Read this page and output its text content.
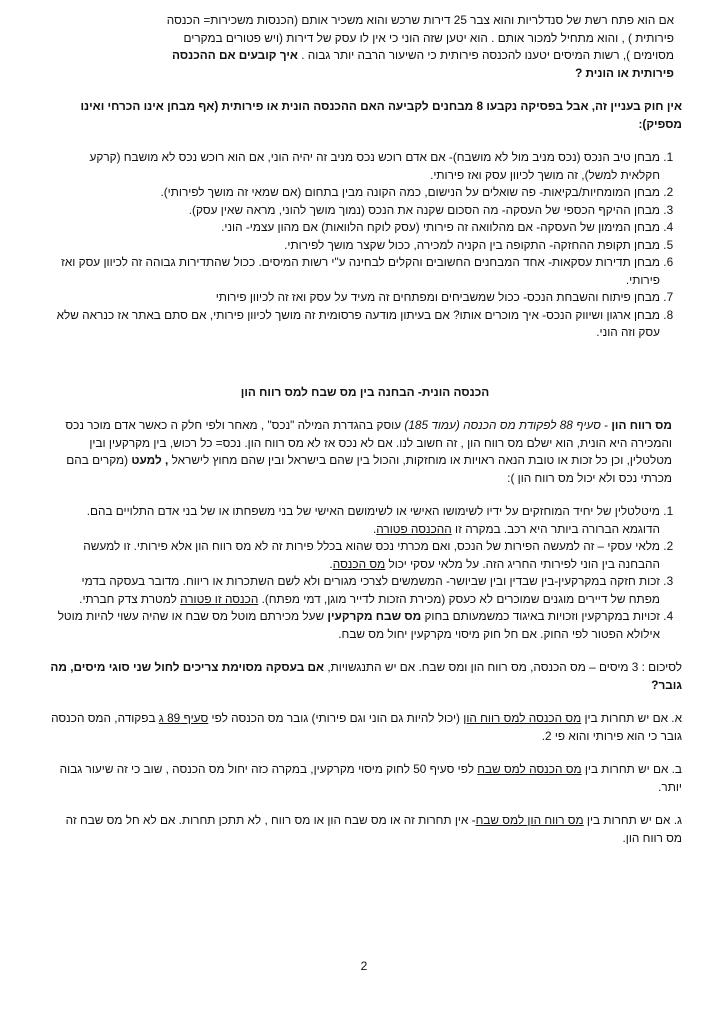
אם הוא פתח רשת של סנדלריות והוא צבר 25 דירות שרכש והוא משכיר אותם (הכנסות משכירות= הכנסה

פירותית ) , והוא מתחיל למכור אותם . הוא יטען שזה הוני כי אין לו עסק של דירות (ויש פטורים במקרים

מסוימים ), רשות המיסים יטענו להכנסה פירותית כי השיעור הרבה יותר גבוה . איך קובעים אם ההכנסה

פירותית או הונית ?

אין חוק בעניין זה, אבל בפסיקה נקבעו 8 מבחנים לקביעה האם ההכנסה הונית או פירותית (אף מבחן אינו הכרחי ואינו מספיק):

1. מבחן טיב הנכס (נכס מניב מול לא מושבח)- אם אדם רוכש נכס מניב זה יהיה הוני, אם הוא רוכש נכס לא מושבח (קרקע חקלאית למשל), זה מושך לכיוון עסק ואז פירותי.
2. מבחן המומחיות/בקיאות- פה שואלים על הנישום, כמה הקונה מבין בתחום (אם שמאי זה מושך לפירותי).
3. מבחן ההיקף הכספי של העסקה- מה הסכום שקנה את הנכס (נמוך מושך להוני, מראה שאין עסק).
4. מבחן המימון של העסקה- אם מהלוואה זה פירותי (עסק לוקח הלוואות) אם מהון עצמי- הוני.
5. מבחן תקופת ההחזקה- התקופה בין הקניה למכירה, ככול שקצר מושך לפירותי.
6. מבחן תדירות עסקאות- אחד המבחנים החשובים והקלים לבחינה ע"י רשות המיסים. ככול שהתדירות גבוהה זה לכיוון עסק ואז פירותי.
7. מבחן פיתוח והשבחת הנכס- ככול שמשביחים ומפתחים זה מעיד על עסק ואז זה לכיוון פירותי
8. מבחן ארגון ושיווק הנכס- איך מוכרים אותו? אם בעיתון מודעה פרסומית זה מושך לכיוון פירותי, אם סתם באתר אז כנראה שלא עסק וזה הוני.

הכנסה הונית- הבחנה בין מס שבח למס רווח הון

מס רווח הון - סעיף 88 לפקודת מס הכנסה (עמוד 185) עוסק בהגדרת המילה "נכס" , מאחר ולפי חלק ה כאשר אדם מוכר נכס והמכירה היא הונית, הוא ישלם מס רווח הון , זה חשוב לנו. אם לא נכס אז לא מס רווח הון. נכס= כל רכוש, בין מקרקעין ובין מטלטלין, וכן כל זכות או טובת הנאה ראויות או מוחזקות, והכול בין שהם בישראל ובין שהם מחוץ לישראל , למעט (מקרים בהם מכרתי נכס ולא יכול מס רווח הון ):

1. מיטלטלין של יחיד המוחזקים על ידיו לשימושו האישי או לשימושם האישי של בני משפחתו או של בני אדם התלויים בהם. הדוגמא הברורה ביותר היא רכב. במקרה זו ההכנסה פטורה.
2. מלאי עסקי – זה למעשה הפירות של הנכס, ואם מכרתי נכס שהוא בכלל פירות זה לא מס רווח הון אלא פירותי. זו למעשה ההבחנה בין הוני לפירותי החריג הזה. על מלאי עסקי יכול מס הכנסה.
3. זכות חזקה במקרקעין-בין שבדין ובין שביושר- המשמשים לצרכי מגורים ולא לשם השתכרות או ריווח. מדובר בעסקה בדמי מפתח של דיירים מוגנים שמוכרים לא כעסק (מכירת הזכות לדייר מוגן, דמי מפתח). הכנסה זו פטורה למטרת צדק חברתי.
4. זכויות במקרקעין וזכויות באיגוד כמשמעותם בחוק מס שבח מקרקעין שעל מכירתם מוטל מס שבח או שהיה עשוי להיות מוטל אילולא הפטור לפי החוק. אם חל חוק מיסוי מקרקעין יחול מס שבח.

לסיכום : 3 מיסים – מס הכנסה, מס רווח הון ומס שבח. אם יש התנגשויות, אם בעסקה מסוימת צריכים לחול שני סוגי מיסים, מה גובר?

א. אם יש תחרות בין מס הכנסה למס רווח הון (יכול להיות גם הוני וגם פירותי) גובר מס הכנסה לפי סעיף 89 ג בפקודה, המס הכנסה גובר כי הוא פירותי והוא פי 2.

ב. אם יש תחרות בין מס הכנסה למס שבח לפי סעיף 50 לחוק מיסוי מקרקעין, במקרה כזה יחול מס הכנסה , שוב כי זה שיעור גבוה יותר.

ג. אם יש תחרות בין מס רווח הון למס שבח- אין תחרות זה או מס שבח הון או מס רווח , לא תתכן תחרות. אם לא חל מס שבח זה מס רווח הון.

2
